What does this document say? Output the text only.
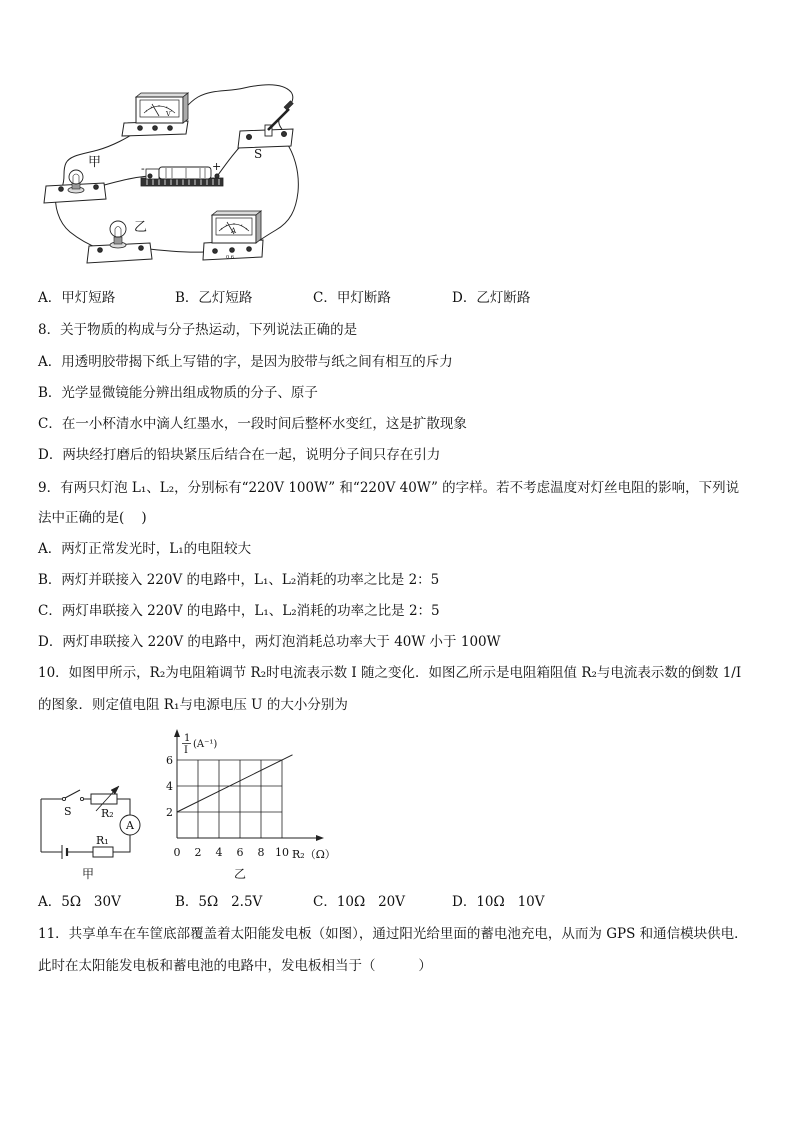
V
S
-	+
甲
乙	A
0.6
A．甲灯短路	B．乙灯短路	C．甲灯断路	D．乙灯断路
8．关于物质的构成与分子热运动，下列说法正确的是
A．用透明胶带揭下纸上写错的字，是因为胶带与纸之间有相互的斥力
B．光学显微镜能分辨出组成物质的分子、原子
C．在一小杯清水中滴人红墨水，一段时间后整杯水变红，这是扩散现象
D．两块经打磨后的铅块紧压后结合在一起，说明分子间只存在引力
9．有两只灯泡 L₁、L₂，分别标有“220V 100W” 和“220V 40W” 的字样。若不考虑温度对灯丝电阻的影响，下列说
法中正确的是(    )
A．两灯正常发光时，L₁的电阻较大
B．两灯并联接入 220V 的电路中，L₁、L₂消耗的功率之比是 2：5
C．两灯串联接入 220V 的电路中，L₁、L₂消耗的功率之比是 2：5
D．两灯串联接入 220V 的电路中，两灯泡消耗总功率大于 40W 小于 100W
10．如图甲所示，R₂为电阻箱调节 R₂时电流表示数 I 随之变化．如图乙所示是电阻箱阻值 R₂与电流表示数的倒数 1/I
的图象．则定值电阻 R₁与电源电压 U 的大小分别为
S	R₂
A
R₁
甲
1
I
(A⁻¹)
R₂（Ω）
0 2 4 6 8 10
2
4
6
乙
A．5Ω   30V	B．5Ω   2.5V	C．10Ω   20V	D．10Ω   10V
11．共享单车在车筐底部覆盖着太阳能发电板（如图），通过阳光给里面的蓄电池充电，从而为 GPS 和通信模块供电．
此时在太阳能发电板和蓄电池的电路中，发电板相当于（          ）
